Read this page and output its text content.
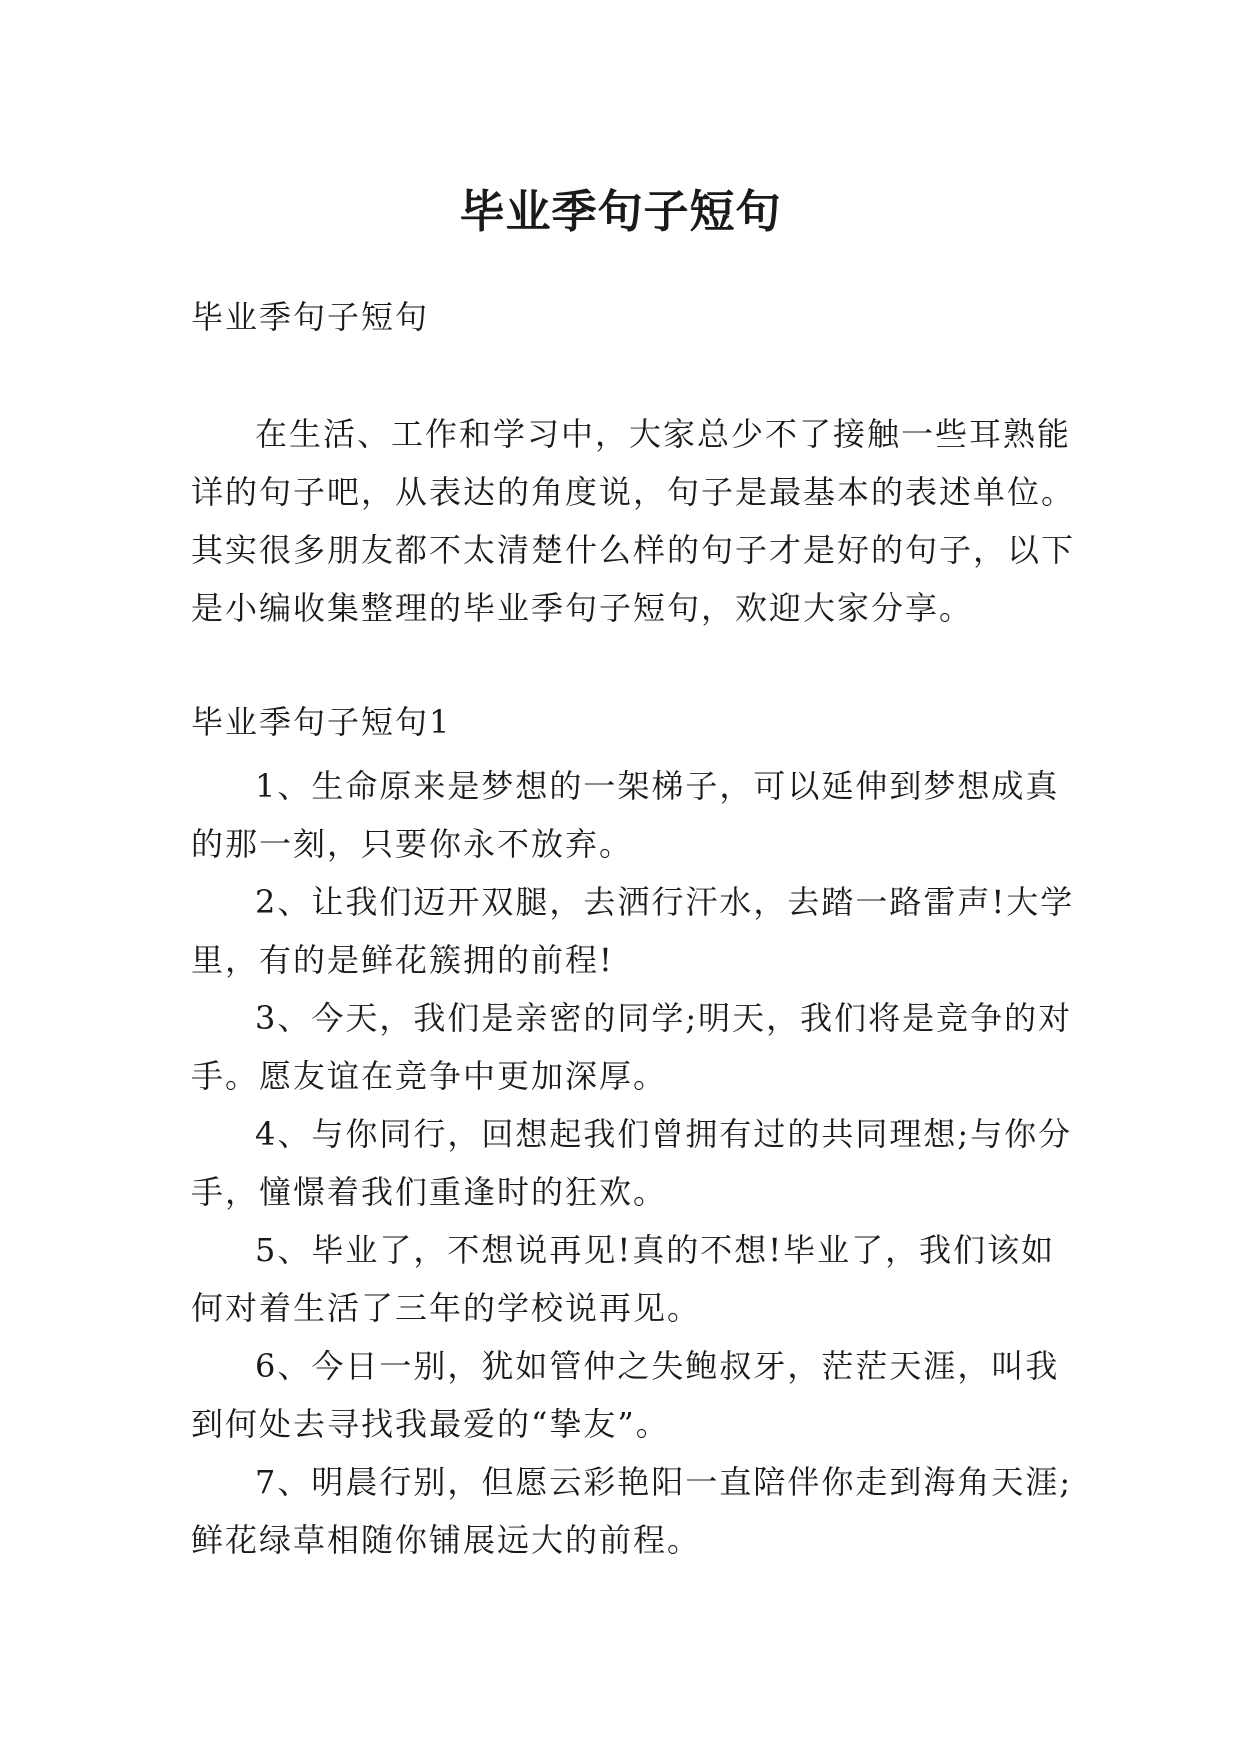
毕业季句子短句

毕业季句子短句

在生活、工作和学习中，大家总少不了接触一些耳熟能详的句子吧，从表达的角度说，句子是最基本的表述单位。其实很多朋友都不太清楚什么样的句子才是好的句子，以下是小编收集整理的毕业季句子短句，欢迎大家分享。

毕业季句子短句1

1、生命原来是梦想的一架梯子，可以延伸到梦想成真的那一刻，只要你永不放弃。
2、让我们迈开双腿，去洒行汗水，去踏一路雷声!大学里，有的是鲜花簇拥的前程!
3、今天，我们是亲密的同学;明天，我们将是竞争的对手。愿友谊在竞争中更加深厚。
4、与你同行，回想起我们曾拥有过的共同理想;与你分手，憧憬着我们重逢时的狂欢。
5、毕业了，不想说再见!真的不想!毕业了，我们该如何对着生活了三年的学校说再见。
6、今日一别，犹如管仲之失鲍叔牙，茫茫天涯，叫我到何处去寻找我最爱的“挚友”。
7、明晨行别，但愿云彩艳阳一直陪伴你走到海角天涯;鲜花绿草相随你铺展远大的前程。
